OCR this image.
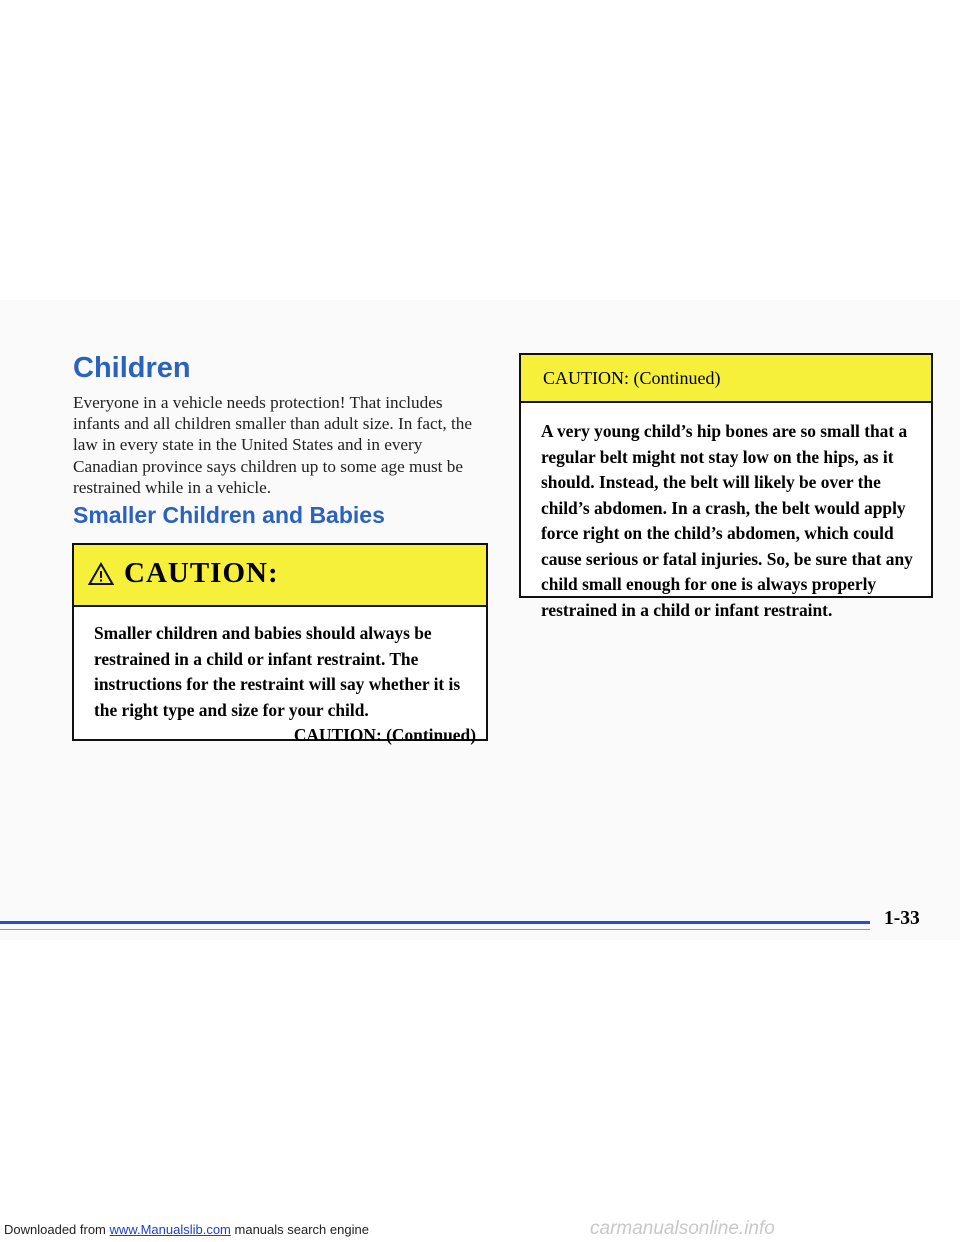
Children

Everyone in a vehicle needs protection! That includes infants and all children smaller than adult size. In fact, the law in every state in the United States and in every Canadian province says children up to some age must be restrained while in a vehicle.

Smaller Children and Babies
CAUTION:

Smaller children and babies should always be restrained in a child or infant restraint. The instructions for the restraint will say whether it is the right type and size for your child.

CAUTION: (Continued)

CAUTION: (Continued)

A very young child’s hip bones are so small that a regular belt might not stay low on the hips, as it should. Instead, the belt will likely be over the child’s abdomen. In a crash, the belt would apply force right on the child’s abdomen, which could cause serious or fatal injuries. So, be sure that any child small enough for one is always properly restrained in a child or infant restraint.

1-33

Downloaded from www.Manualslib.com manuals search engine	carmanualsonline.info
